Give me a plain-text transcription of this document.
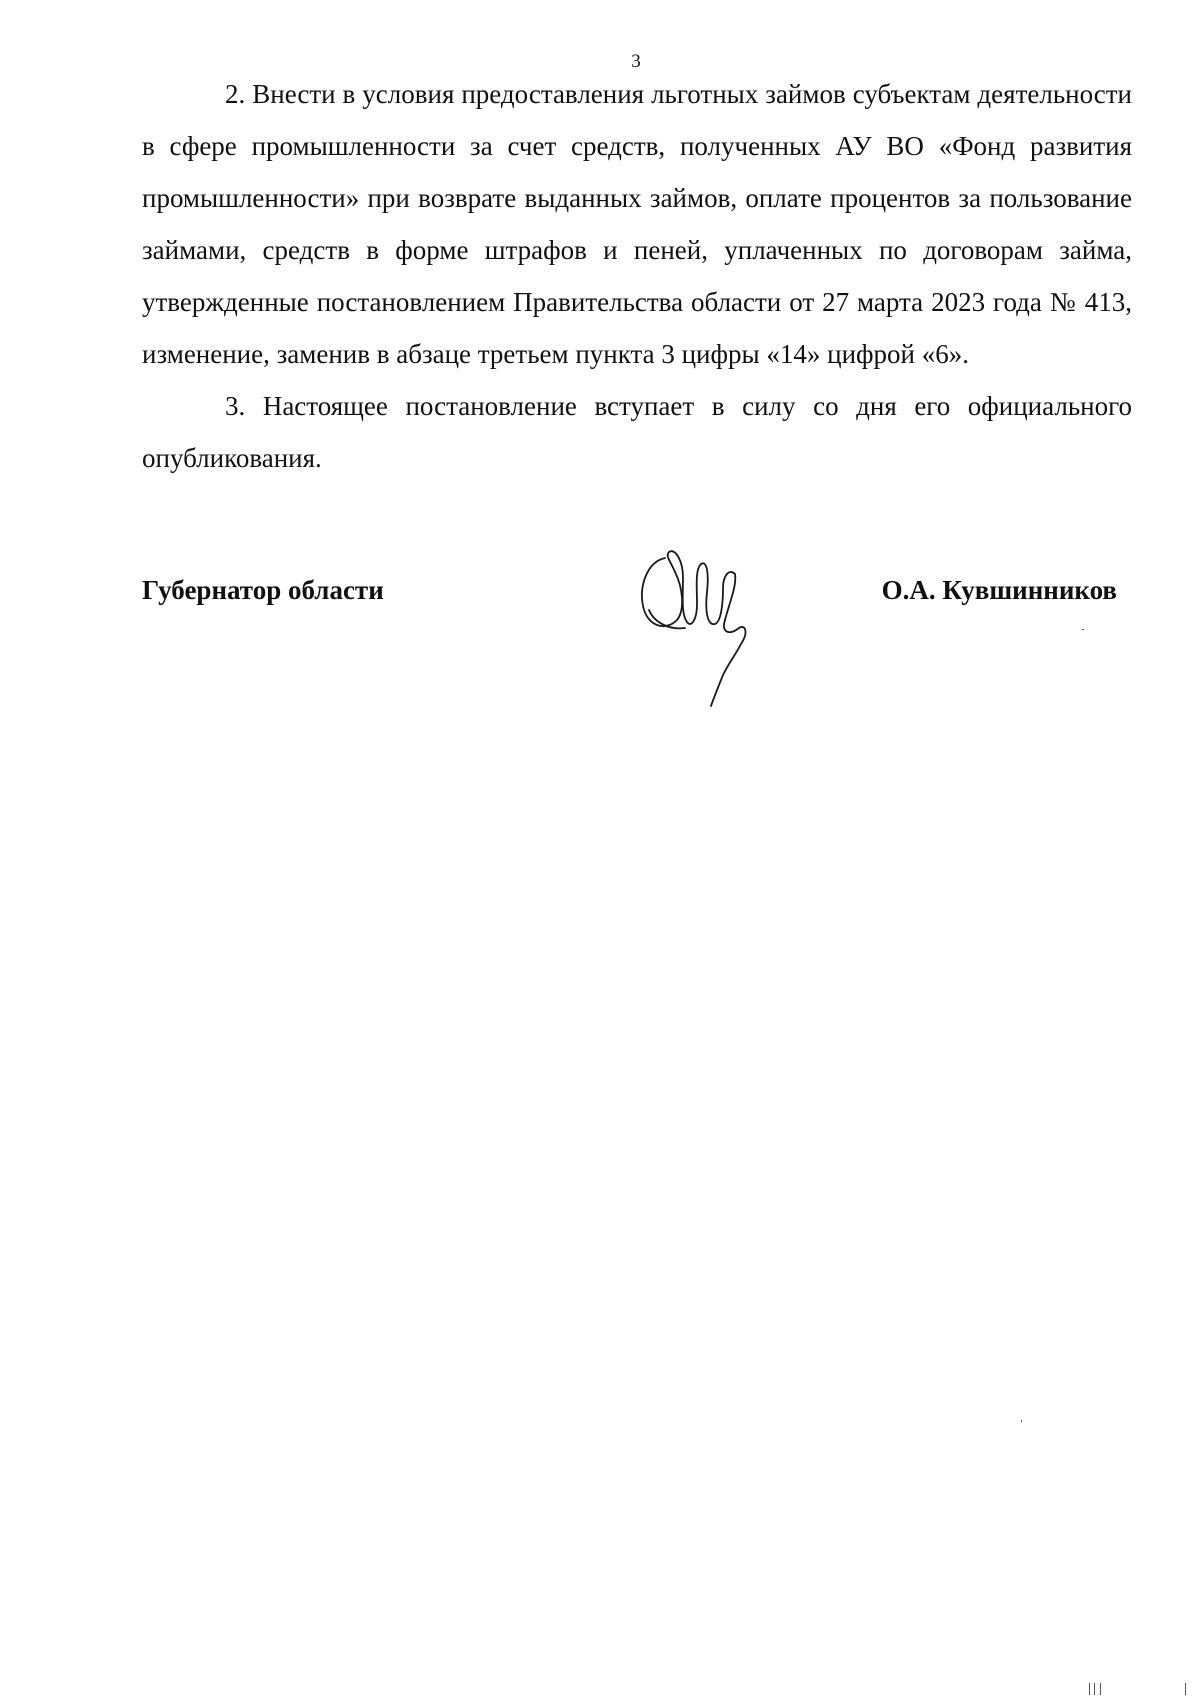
3

2. Внести в условия предоставления льготных займов субъектам деятельности в сфере промышленности за счет средств, полученных АУ ВО «Фонд развития промышленности» при возврате выданных займов, оплате процентов за пользование займами, средств в форме штрафов и пеней, уплаченных по договорам займа, утвержденные постановлением Правительства области от 27 марта 2023 года № 413, изменение, заменив в абзаце третьем пункта 3 цифры «14» цифрой «6».

3. Настоящее постановление вступает в силу со дня его официального опубликования.

Губернатор области	О.А. Кувшинников
